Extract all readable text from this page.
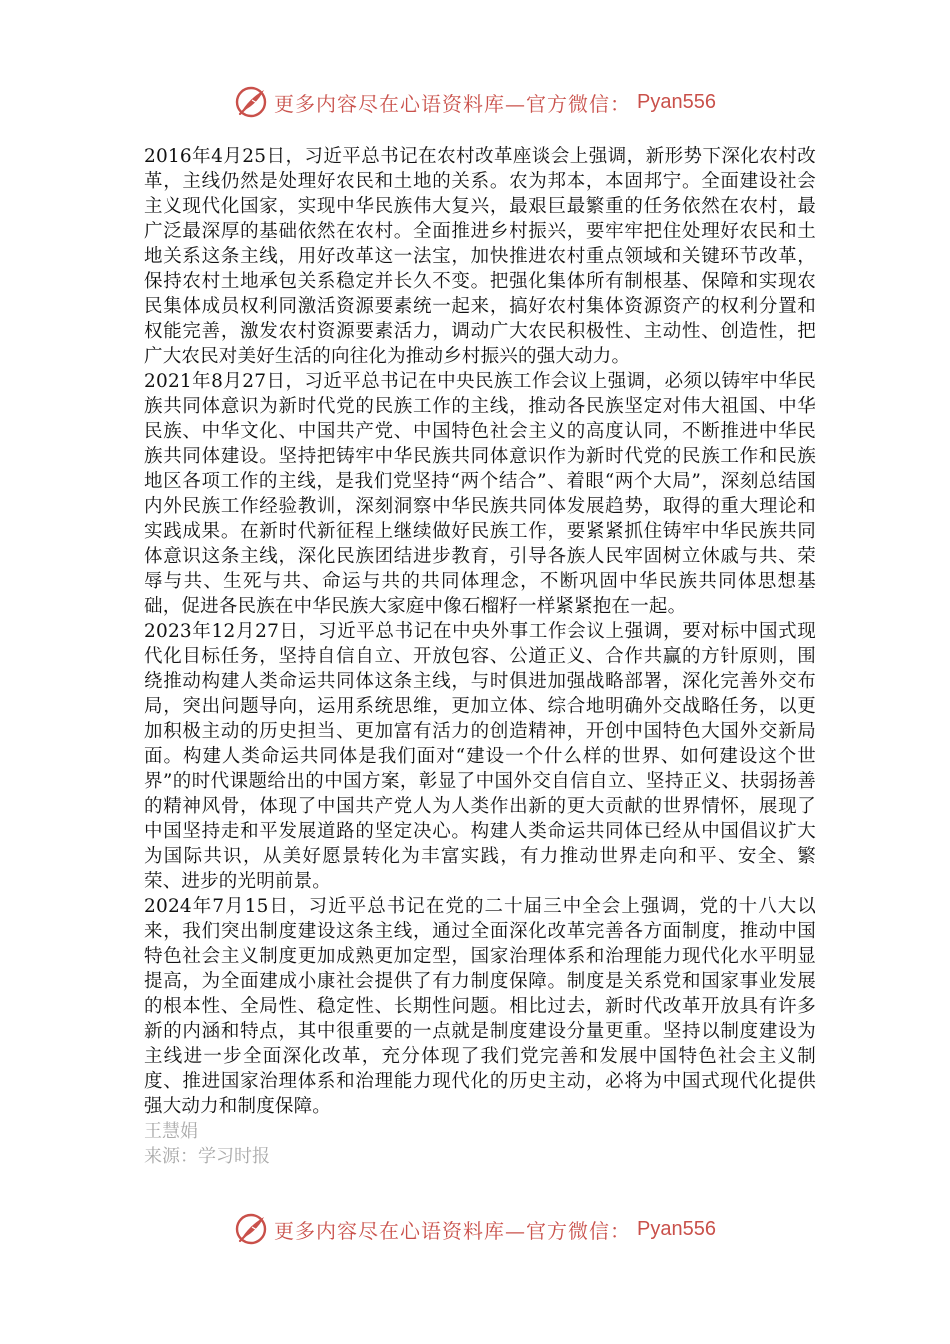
更多内容尽在心语资料库—官方微信： Pyan556

2016年4月25日，习近平总书记在农村改革座谈会上强调，新形势下深化农村改革，主线仍然是处理好农民和土地的关系。农为邦本，本固邦宁。全面建设社会主义现代化国家，实现中华民族伟大复兴，最艰巨最繁重的任务依然在农村，最广泛最深厚的基础依然在农村。全面推进乡村振兴，要牢牢把住处理好农民和土地关系这条主线，用好改革这一法宝，加快推进农村重点领域和关键环节改革，保持农村土地承包关系稳定并长久不变。把强化集体所有制根基、保障和实现农民集体成员权利同激活资源要素统一起来，搞好农村集体资源资产的权利分置和权能完善，激发农村资源要素活力，调动广大农民积极性、主动性、创造性，把广大农民对美好生活的向往化为推动乡村振兴的强大动力。

2021年8月27日，习近平总书记在中央民族工作会议上强调，必须以铸牢中华民族共同体意识为新时代党的民族工作的主线，推动各民族坚定对伟大祖国、中华民族、中华文化、中国共产党、中国特色社会主义的高度认同，不断推进中华民族共同体建设。坚持把铸牢中华民族共同体意识作为新时代党的民族工作和民族地区各项工作的主线，是我们党坚持“两个结合”、着眼“两个大局”，深刻总结国内外民族工作经验教训，深刻洞察中华民族共同体发展趋势，取得的重大理论和实践成果。在新时代新征程上继续做好民族工作，要紧紧抓住铸牢中华民族共同体意识这条主线，深化民族团结进步教育，引导各族人民牢固树立休戚与共、荣辱与共、生死与共、命运与共的共同体理念，不断巩固中华民族共同体思想基础，促进各民族在中华民族大家庭中像石榴籽一样紧紧抱在一起。

2023年12月27日，习近平总书记在中央外事工作会议上强调，要对标中国式现代化目标任务，坚持自信自立、开放包容、公道正义、合作共赢的方针原则，围绕推动构建人类命运共同体这条主线，与时俱进加强战略部署，深化完善外交布局，突出问题导向，运用系统思维，更加立体、综合地明确外交战略任务，以更加积极主动的历史担当、更加富有活力的创造精神，开创中国特色大国外交新局面。构建人类命运共同体是我们面对“建设一个什么样的世界、如何建设这个世界”的时代课题给出的中国方案，彰显了中国外交自信自立、坚持正义、扶弱扬善的精神风骨，体现了中国共产党人为人类作出新的更大贡献的世界情怀，展现了中国坚持走和平发展道路的坚定决心。构建人类命运共同体已经从中国倡议扩大为国际共识，从美好愿景转化为丰富实践，有力推动世界走向和平、安全、繁荣、进步的光明前景。

2024年7月15日，习近平总书记在党的二十届三中全会上强调，党的十八大以来，我们突出制度建设这条主线，通过全面深化改革完善各方面制度，推动中国特色社会主义制度更加成熟更加定型，国家治理体系和治理能力现代化水平明显提高，为全面建成小康社会提供了有力制度保障。制度是关系党和国家事业发展的根本性、全局性、稳定性、长期性问题。相比过去，新时代改革开放具有许多新的内涵和特点，其中很重要的一点就是制度建设分量更重。坚持以制度建设为主线进一步全面深化改革，充分体现了我们党完善和发展中国特色社会主义制度、推进国家治理体系和治理能力现代化的历史主动，必将为中国式现代化提供强大动力和制度保障。

王慧娟

来源：学习时报

更多内容尽在心语资料库—官方微信： Pyan556
